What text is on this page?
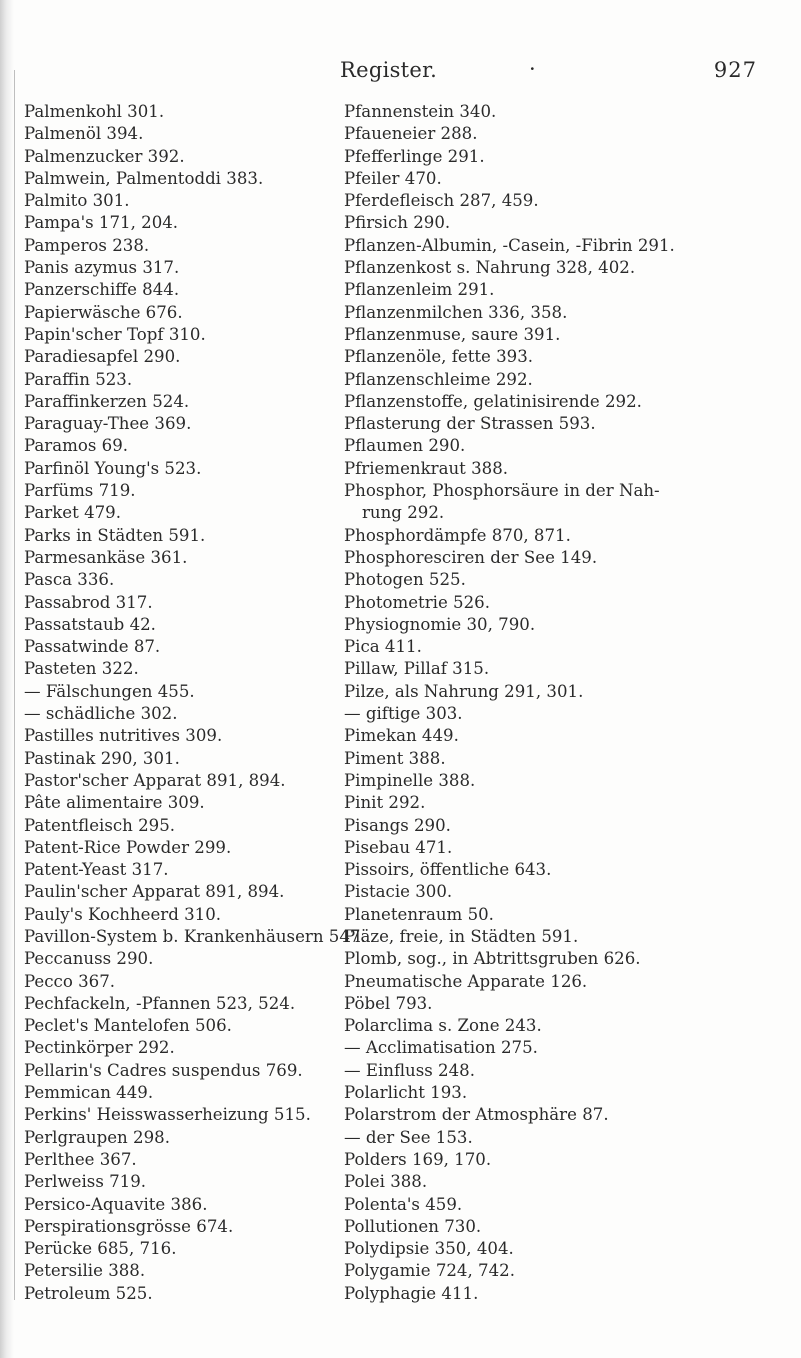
Register.	·	927
Palmenkohl 301.
Palmenöl 394.
Palmenzucker 392.
Palmwein, Palmentoddi 383.
Palmito 301.
Pampa's 171, 204.
Pamperos 238.
Panis azymus 317.
Panzerschiffe 844.
Papierwäsche 676.
Papin'scher Topf 310.
Paradiesapfel 290.
Paraffin 523.
Paraffinkerzen 524.
Paraguay-Thee 369.
Paramos 69.
Parfinöl Young's 523.
Parfüms 719.
Parket 479.
Parks in Städten 591.
Parmesankäse 361.
Pasca 336.
Passabrod 317.
Passatstaub 42.
Passatwinde 87.
Pasteten 322.
— Fälschungen 455.
— schädliche 302.
Pastilles nutritives 309.
Pastinak 290, 301.
Pastor'scher Apparat 891, 894.
Pâte alimentaire 309.
Patentfleisch 295.
Patent-Rice Powder 299.
Patent-Yeast 317.
Paulin'scher Apparat 891, 894.
Pauly's Kochheerd 310.
Pavillon-System b. Krankenhäusern 547.
Peccanuss 290.
Pecco 367.
Pechfackeln, -Pfannen 523, 524.
Peclet's Mantelofen 506.
Pectinkörper 292.
Pellarin's Cadres suspendus 769.
Pemmican 449.
Perkins' Heisswasserheizung 515.
Perlgraupen 298.
Perlthee 367.
Perlweiss 719.
Persico-Aquavite 386.
Perspirationsgrösse 674.
Perücke 685, 716.
Petersilie 388.
Petroleum 525.
Pfannenstein 340.
Pfaueneier 288.
Pfefferlinge 291.
Pfeiler 470.
Pferdefleisch 287, 459.
Pfirsich 290.
Pflanzen-Albumin, -Casein, -Fibrin 291.
Pflanzenkost s. Nahrung 328, 402.
Pflanzenleim 291.
Pflanzenmilchen 336, 358.
Pflanzenmuse, saure 391.
Pflanzenöle, fette 393.
Pflanzenschleime 292.
Pflanzenstoffe, gelatinisirende 292.
Pflasterung der Strassen 593.
Pflaumen 290.
Pfriemenkraut 388.
Phosphor, Phosphorsäure in der Nah-
rung 292.
Phosphordämpfe 870, 871.
Phosphoresciren der See 149.
Photogen 525.
Photometrie 526.
Physiognomie 30, 790.
Pica 411.
Pillaw, Pillaf 315.
Pilze, als Nahrung 291, 301.
— giftige 303.
Pimekan 449.
Piment 388.
Pimpinelle 388.
Pinit 292.
Pisangs 290.
Pisebau 471.
Pissoirs, öffentliche 643.
Pistacie 300.
Planetenraum 50.
Pläze, freie, in Städten 591.
Plomb, sog., in Abtrittsgruben 626.
Pneumatische Apparate 126.
Pöbel 793.
Polarclima s. Zone 243.
— Acclimatisation 275.
— Einfluss 248.
Polarlicht 193.
Polarstrom der Atmosphäre 87.
— der See 153.
Polders 169, 170.
Polei 388.
Polenta's 459.
Pollutionen 730.
Polydipsie 350, 404.
Polygamie 724, 742.
Polyphagie 411.
